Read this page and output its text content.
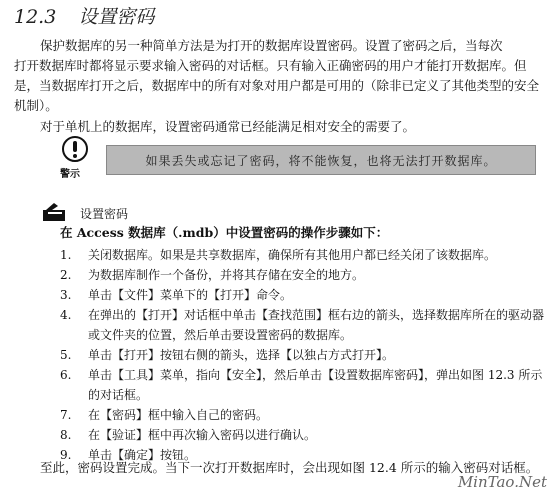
12.3 设置密码

保护数据库的另一种简单方法是为打开的数据库设置密码。设置了密码之后，当每次
打开数据库时都将显示要求输入密码的对话框。只有输入正确密码的用户才能打开数据库。但是，当数据库打开之后，数据库中的所有对象对用户都是可用的（除非已定义了其他类型的安全机制）。

对于单机上的数据库，设置密码通常已经能满足相对安全的需要了。

警示
如果丢失或忘记了密码，将不能恢复，也将无法打开数据库。
设置密码
在 Access 数据库（.mdb）中设置密码的操作步骤如下：
1.	关闭数据库。如果是共享数据库，确保所有其他用户都已经关闭了该数据库。
2.	为数据库制作一个备份，并将其存储在安全的地方。
3.	单击【文件】菜单下的【打开】命令。
4.	在弹出的【打开】对话框中单击【查找范围】框右边的箭头，选择数据库所在的驱动器或文件夹的位置，然后单击要设置密码的数据库。
5.	单击【打开】按钮右侧的箭头，选择【以独占方式打开】。
6.	单击【工具】菜单，指向【安全】，然后单击【设置数据库密码】，弹出如图 12.3 所示的对话框。
7.	在【密码】框中输入自己的密码。
8.	在【验证】框中再次输入密码以进行确认。
9.	单击【确定】按钮。

至此，密码设置完成。当下一次打开数据库时，会出现如图 12.4 所示的输入密码对话框。

MinTao.Net
